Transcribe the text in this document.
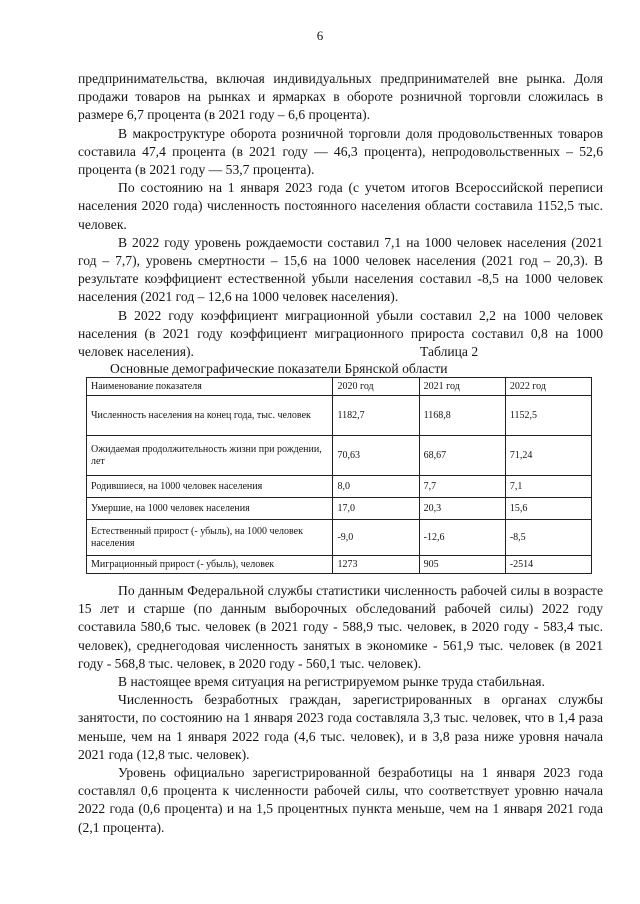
6

предпринимательства, включая индивидуальных предпринимателей вне рынка. Доля продажи товаров на рынках и ярмарках в обороте розничной торговли сложилась в размере 6,7 процента (в 2021 году – 6,6 процента).

В макроструктуре оборота розничной торговли доля продовольственных товаров составила 47,4 процента (в 2021 году — 46,3 процента), непродовольственных – 52,6 процента (в 2021 году — 53,7 процента).

По состоянию на 1 января 2023 года (с учетом итогов Всероссийской переписи населения 2020 года) численность постоянного населения области составила 1152,5 тыс. человек.

В 2022 году уровень рождаемости составил 7,1 на 1000 человек населения (2021 год – 7,7), уровень смертности – 15,6 на 1000 человек населения (2021 год – 20,3). В результате коэффициент естественной убыли населения составил -8,5 на 1000 человек населения (2021 год – 12,6 на 1000 человек населения).

В 2022 году коэффициент миграционной убыли составил 2,2 на 1000 человек населения (в 2021 году коэффициент миграционного прироста составил 0,8 на 1000 человек населения).	Таблица 2
Основные демографические показатели Брянской области
Наименование показателя	2020 год	2021 год	2022 год
Численность населения на конец года, тыс. человек	1182,7	1168,8	1152,5
Ожидаемая продолжительность жизни при рождении, лет	70,63	68,67	71,24
Родившиеся, на 1000 человек населения	8,0	7,7	7,1
Умершие, на 1000 человек населения	17,0	20,3	15,6
Естественный прирост (- убыль), на 1000 человек населения	-9,0	-12,6	-8,5
Миграционный прирост (- убыль), человек	1273	905	-2514

По данным Федеральной службы статистики численность рабочей силы в возрасте 15 лет и старше (по данным выборочных обследований рабочей силы) 2022 году составила 580,6 тыс. человек (в 2021 году - 588,9 тыс. человек, в 2020 году - 583,4 тыс. человек), среднегодовая численность занятых в экономике - 561,9 тыс. человек (в 2021 году - 568,8 тыс. человек, в 2020 году - 560,1 тыс. человек).

В настоящее время ситуация на регистрируемом рынке труда стабильная.

Численность безработных граждан, зарегистрированных в органах службы занятости, по состоянию на 1 января 2023 года составляла 3,3 тыс. человек, что в 1,4 раза меньше, чем на 1 января 2022 года (4,6 тыс. человек), и в 3,8 раза ниже уровня начала 2021 года (12,8 тыс. человек).

Уровень официально зарегистрированной безработицы на 1 января 2023 года составлял 0,6 процента к численности рабочей силы, что соответствует уровню начала 2022 года (0,6 процента) и на 1,5 процентных пункта меньше, чем на 1 января 2021 года (2,1 процента).
